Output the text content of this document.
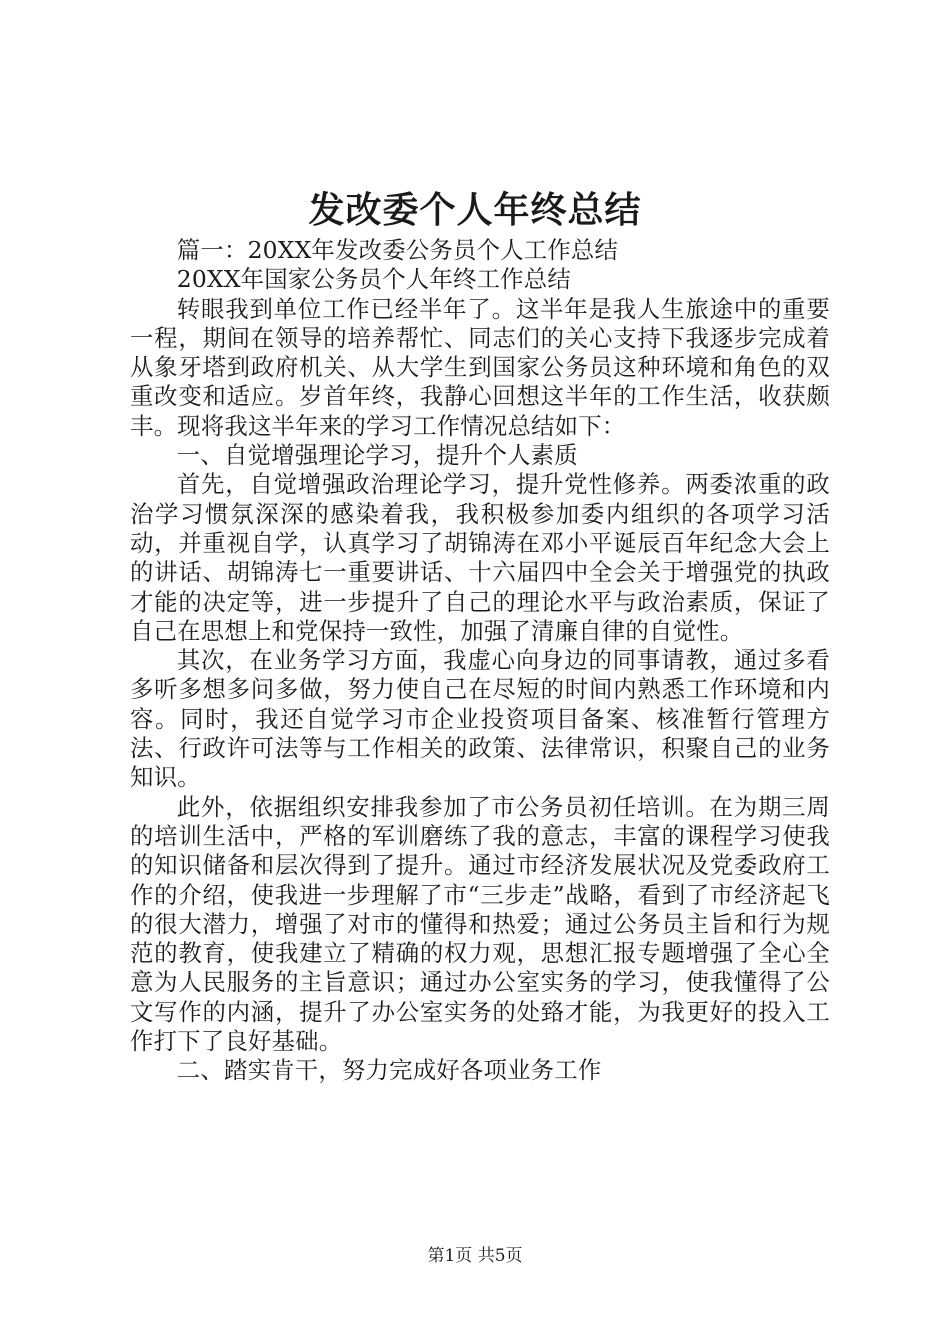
发改委个人年终总结

篇一：20XX年发改委公务员个人工作总结

20XX年国家公务员个人年终工作总结

转眼我到单位工作已经半年了。这半年是我人生旅途中的重要一程，期间在领导的培养帮忙、同志们的关心支持下我逐步完成着从象牙塔到政府机关、从大学生到国家公务员这种环境和角色的双重改变和适应。岁首年终，我静心回想这半年的工作生活，收获颇丰。现将我这半年来的学习工作情况总结如下：

一、自觉增强理论学习，提升个人素质

首先，自觉增强政治理论学习，提升党性修养。两委浓重的政治学习惯氛深深的感染着我，我积极参加委内组织的各项学习活动，并重视自学，认真学习了胡锦涛在邓小平诞辰百年纪念大会上的讲话、胡锦涛七一重要讲话、十六届四中全会关于增强党的执政才能的决定等，进一步提升了自己的理论水平与政治素质，保证了自己在思想上和党保持一致性，加强了清廉自律的自觉性。

其次，在业务学习方面，我虚心向身边的同事请教，通过多看多听多想多问多做，努力使自己在尽短的时间内熟悉工作环境和内容。同时，我还自觉学习市企业投资项目备案、核准暂行管理方法、行政许可法等与工作相关的政策、法律常识，积聚自己的业务知识。

此外，依据组织安排我参加了市公务员初任培训。在为期三周的培训生活中，严格的军训磨练了我的意志，丰富的课程学习使我的知识储备和层次得到了提升。通过市经济发展状况及党委政府工作的介绍，使我进一步理解了市“三步走”战略，看到了市经济起飞的很大潜力，增强了对市的懂得和热爱；通过公务员主旨和行为规范的教育，使我建立了精确的权力观，思想汇报专题增强了全心全意为人民服务的主旨意识；通过办公室实务的学习，使我懂得了公文写作的内涵，提升了办公室实务的处臵才能，为我更好的投入工作打下了良好基础。

二、踏实肯干，努力完成好各项业务工作

第1页 共5页
